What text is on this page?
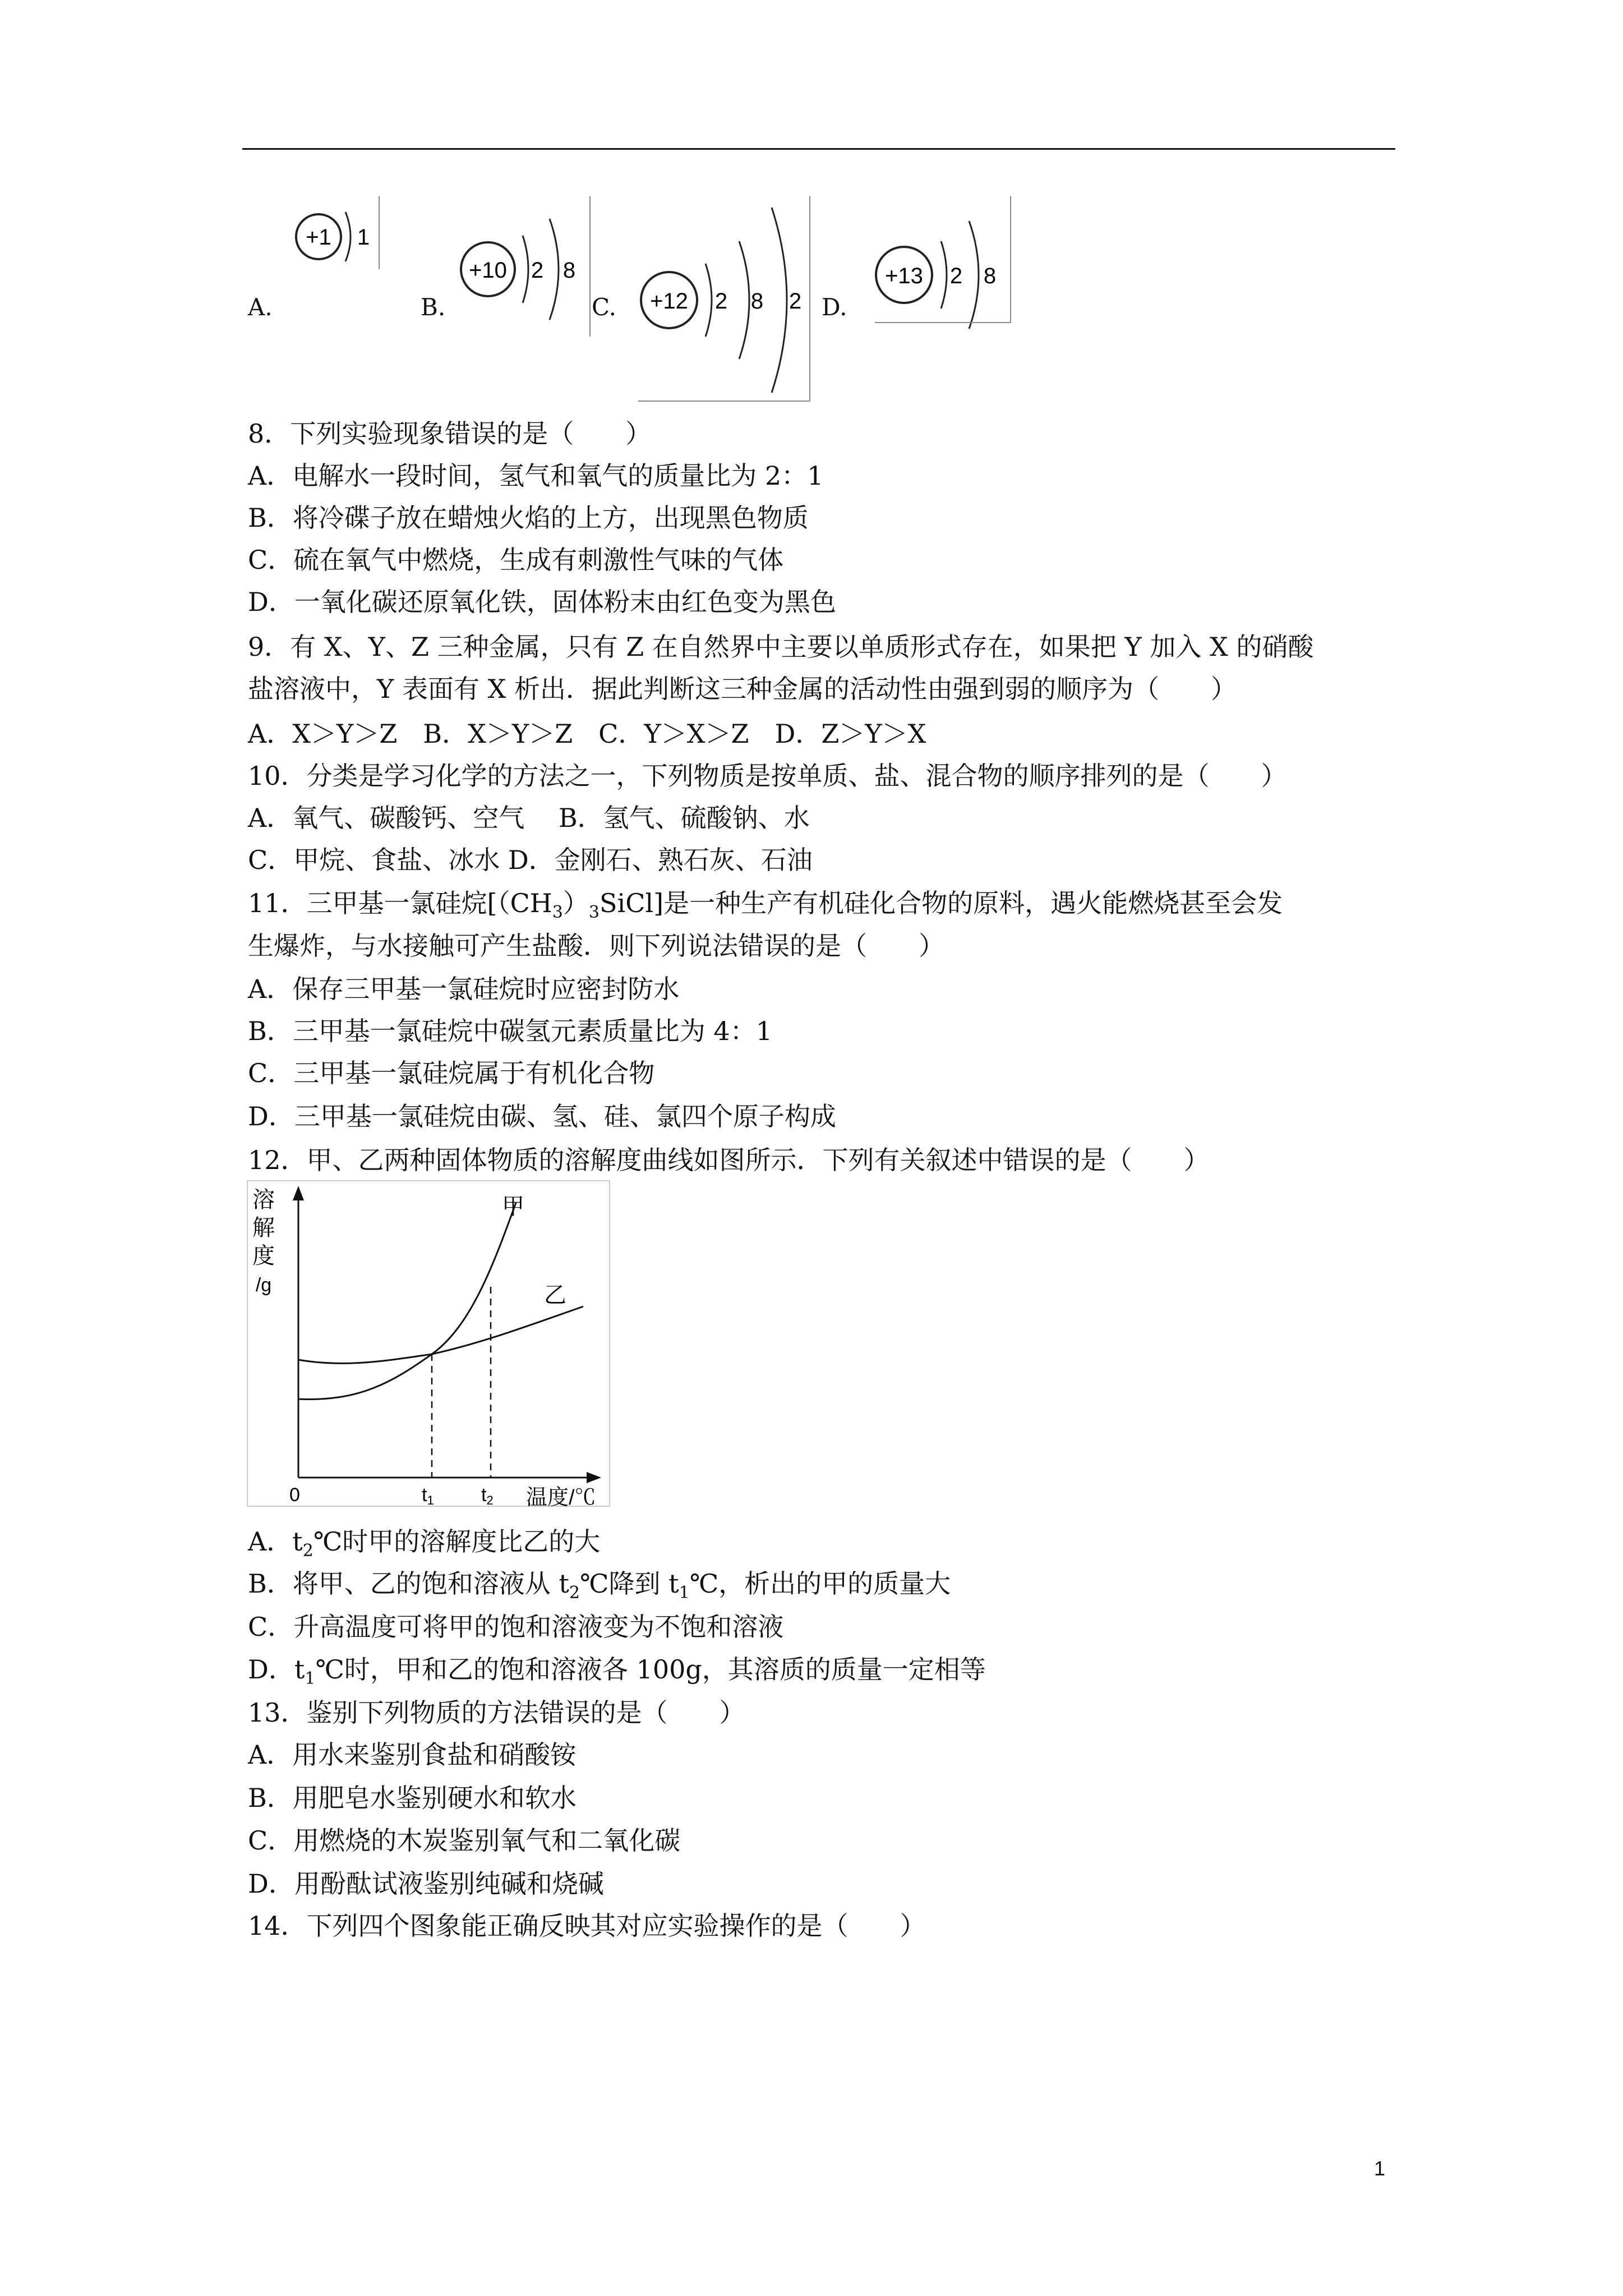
A.
+1 1
B.
+10 2 8
C. +12 2 8 2 D.
+13 2 8
8．下列实验现象错误的是（　　）
A．电解水一段时间，氢气和氧气的质量比为 2：1
B．将冷碟子放在蜡烛火焰的上方，出现黑色物质
C．硫在氧气中燃烧，生成有刺激性气味的气体
D．一氧化碳还原氧化铁，固体粉末由红色变为黑色
9．有 X、Y、Z 三种金属，只有 Z 在自然界中主要以单质形式存在，如果把 Y 加入 X 的硝酸
盐溶液中，Y 表面有 X 析出．据此判断这三种金属的活动性由强到弱的顺序为（　　）
A．X＞Y＞Z　B．X＞Y＞Z　C．Y＞X＞Z　D．Z＞Y＞X
10．分类是学习化学的方法之一，下列物质是按单质、盐、混合物的顺序排列的是（　　）
A．氧气、碳酸钙、空气　 B．氢气、硫酸钠、水
C．甲烷、食盐、冰水 D．金刚石、熟石灰、石油
11．三甲基一氯硅烷$[(CH_3)_3SiCl]$是一种生产有机硅化合物的原料，遇火能燃烧甚至会发
生爆炸，与水接触可产生盐酸．则下列说法错误的是（　　）
A．保存三甲基一氯硅烷时应密封防水
B．三甲基一氯硅烷中碳氢元素质量比为 4：1
C．三甲基一氯硅烷属于有机化合物
D．三甲基一氯硅烷由碳、氢、硅、氯四个原子构成
12．甲、乙两种固体物质的溶解度曲线如图所示．下列有关叙述中错误的是（　　）
溶
解
度
/g
甲
乙
0	t1 t2 温度/℃
A．$t_2℃$时甲的溶解度比乙的大
B．将甲、乙的饱和溶液从 $t_2℃$降到 $t_1℃$，析出的甲的质量大
C．升高温度可将甲的饱和溶液变为不饱和溶液
D．$t_1℃$时，甲和乙的饱和溶液各 100g，其溶质的质量一定相等
13．鉴别下列物质的方法错误的是（　　）
A．用水来鉴别食盐和硝酸铵
B．用肥皂水鉴别硬水和软水
C．用燃烧的木炭鉴别氧气和二氧化碳
D．用酚酞试液鉴别纯碱和烧碱
14．下列四个图象能正确反映其对应实验操作的是（　　）
1
